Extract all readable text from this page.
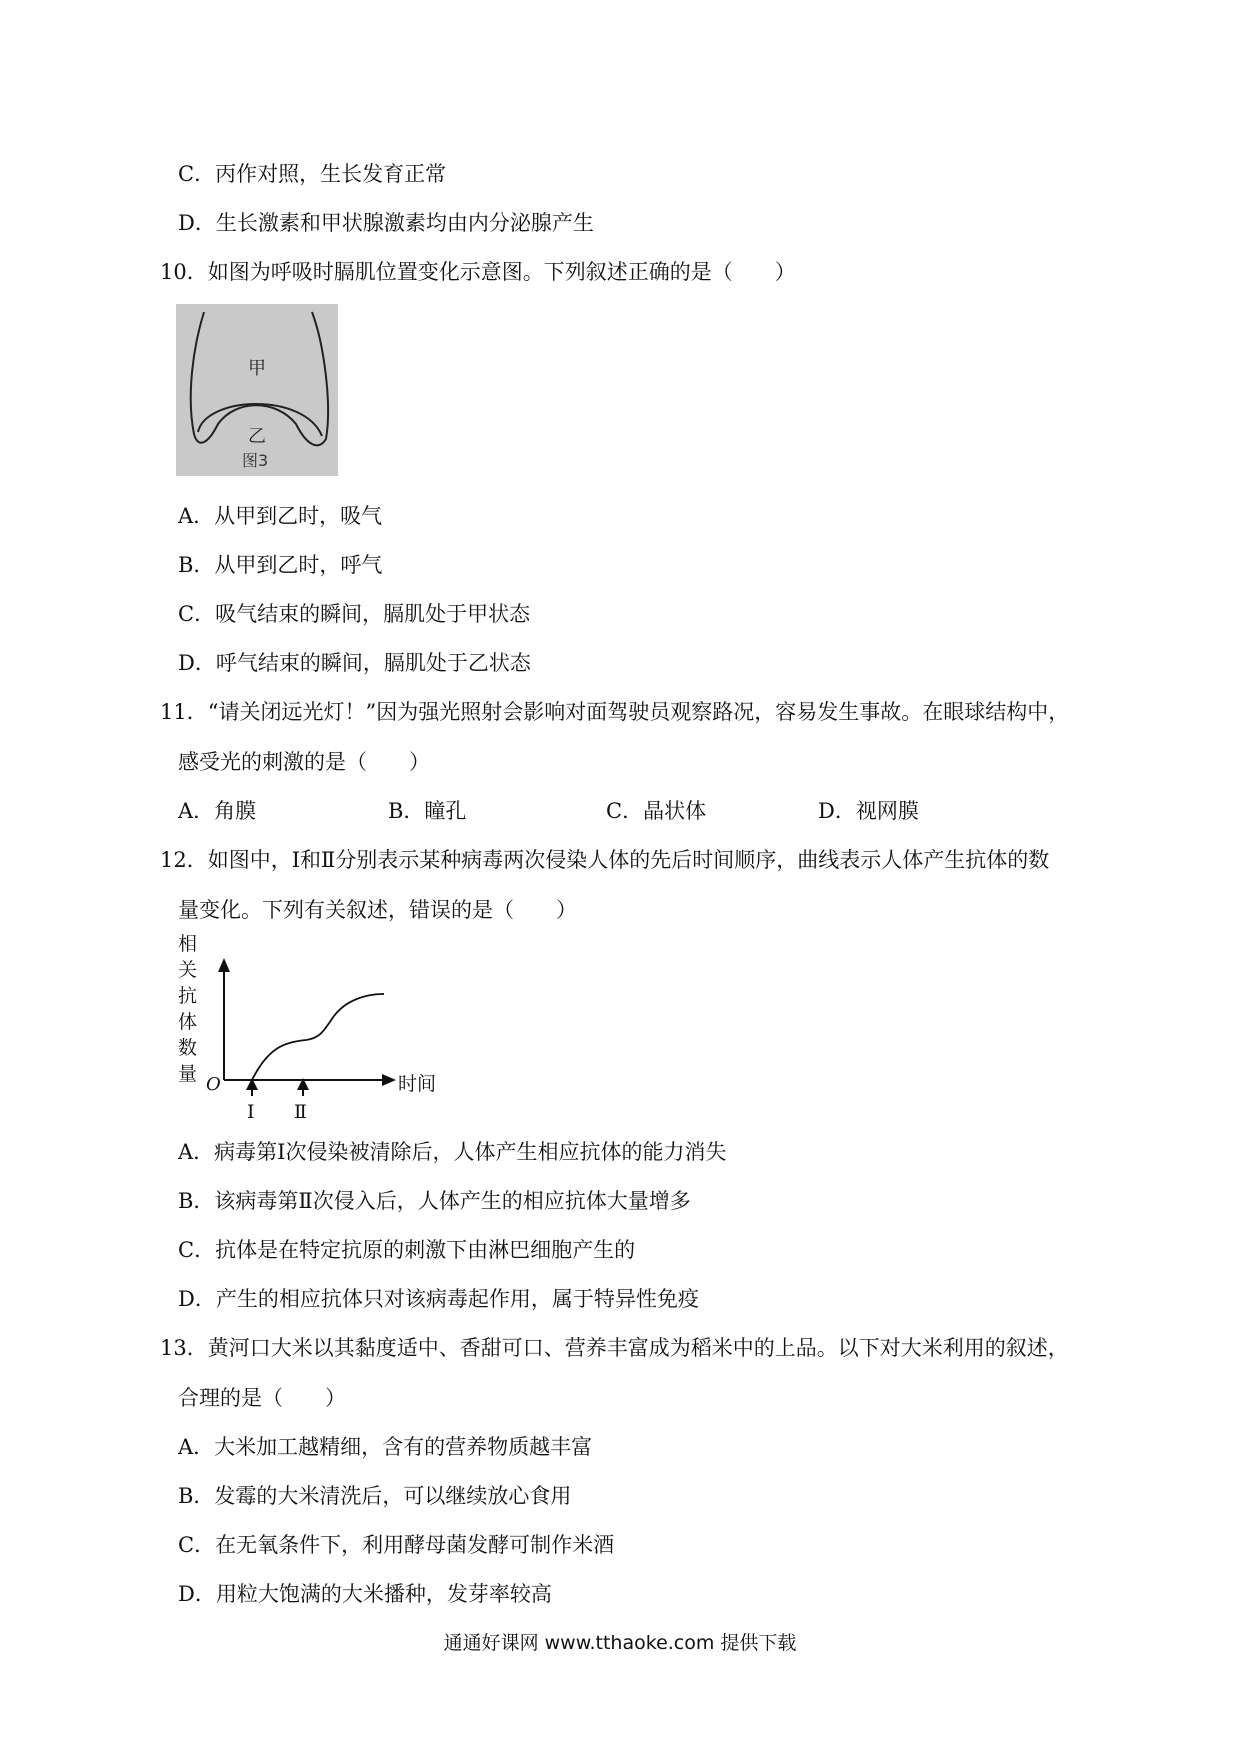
C．丙作对照，生长发育正常
D．生长激素和甲状腺激素均由内分泌腺产生
10．如图为呼吸时膈肌位置变化示意图。下列叙述正确的是（　　）
甲
乙
图3
A．从甲到乙时，吸气
B．从甲到乙时，呼气
C．吸气结束的瞬间，膈肌处于甲状态
D．呼气结束的瞬间，膈肌处于乙状态
11．“请关闭远光灯！”因为强光照射会影响对面驾驶员观察路况，容易发生事故。在眼球结构中，
感受光的刺激的是（　　）
A．角膜	B．瞳孔	C．晶状体	D．视网膜
12．如图中，Ⅰ和Ⅱ分别表示某种病毒两次侵染人体的先后时间顺序，曲线表示人体产生抗体的数
量变化。下列有关叙述，错误的是（　　）
相关抗体数量	时间
O
Ⅰ Ⅱ
A．病毒第Ⅰ次侵染被清除后，人体产生相应抗体的能力消失
B．该病毒第Ⅱ次侵入后，人体产生的相应抗体大量增多
C．抗体是在特定抗原的刺激下由淋巴细胞产生的
D．产生的相应抗体只对该病毒起作用，属于特异性免疫
13．黄河口大米以其黏度适中、香甜可口、营养丰富成为稻米中的上品。以下对大米利用的叙述，
合理的是（　　）
A．大米加工越精细，含有的营养物质越丰富
B．发霉的大米清洗后，可以继续放心食用
C．在无氧条件下，利用酵母菌发酵可制作米酒
D．用粒大饱满的大米播种，发芽率较高
通通好课网 www.tthaoke.com 提供下载
